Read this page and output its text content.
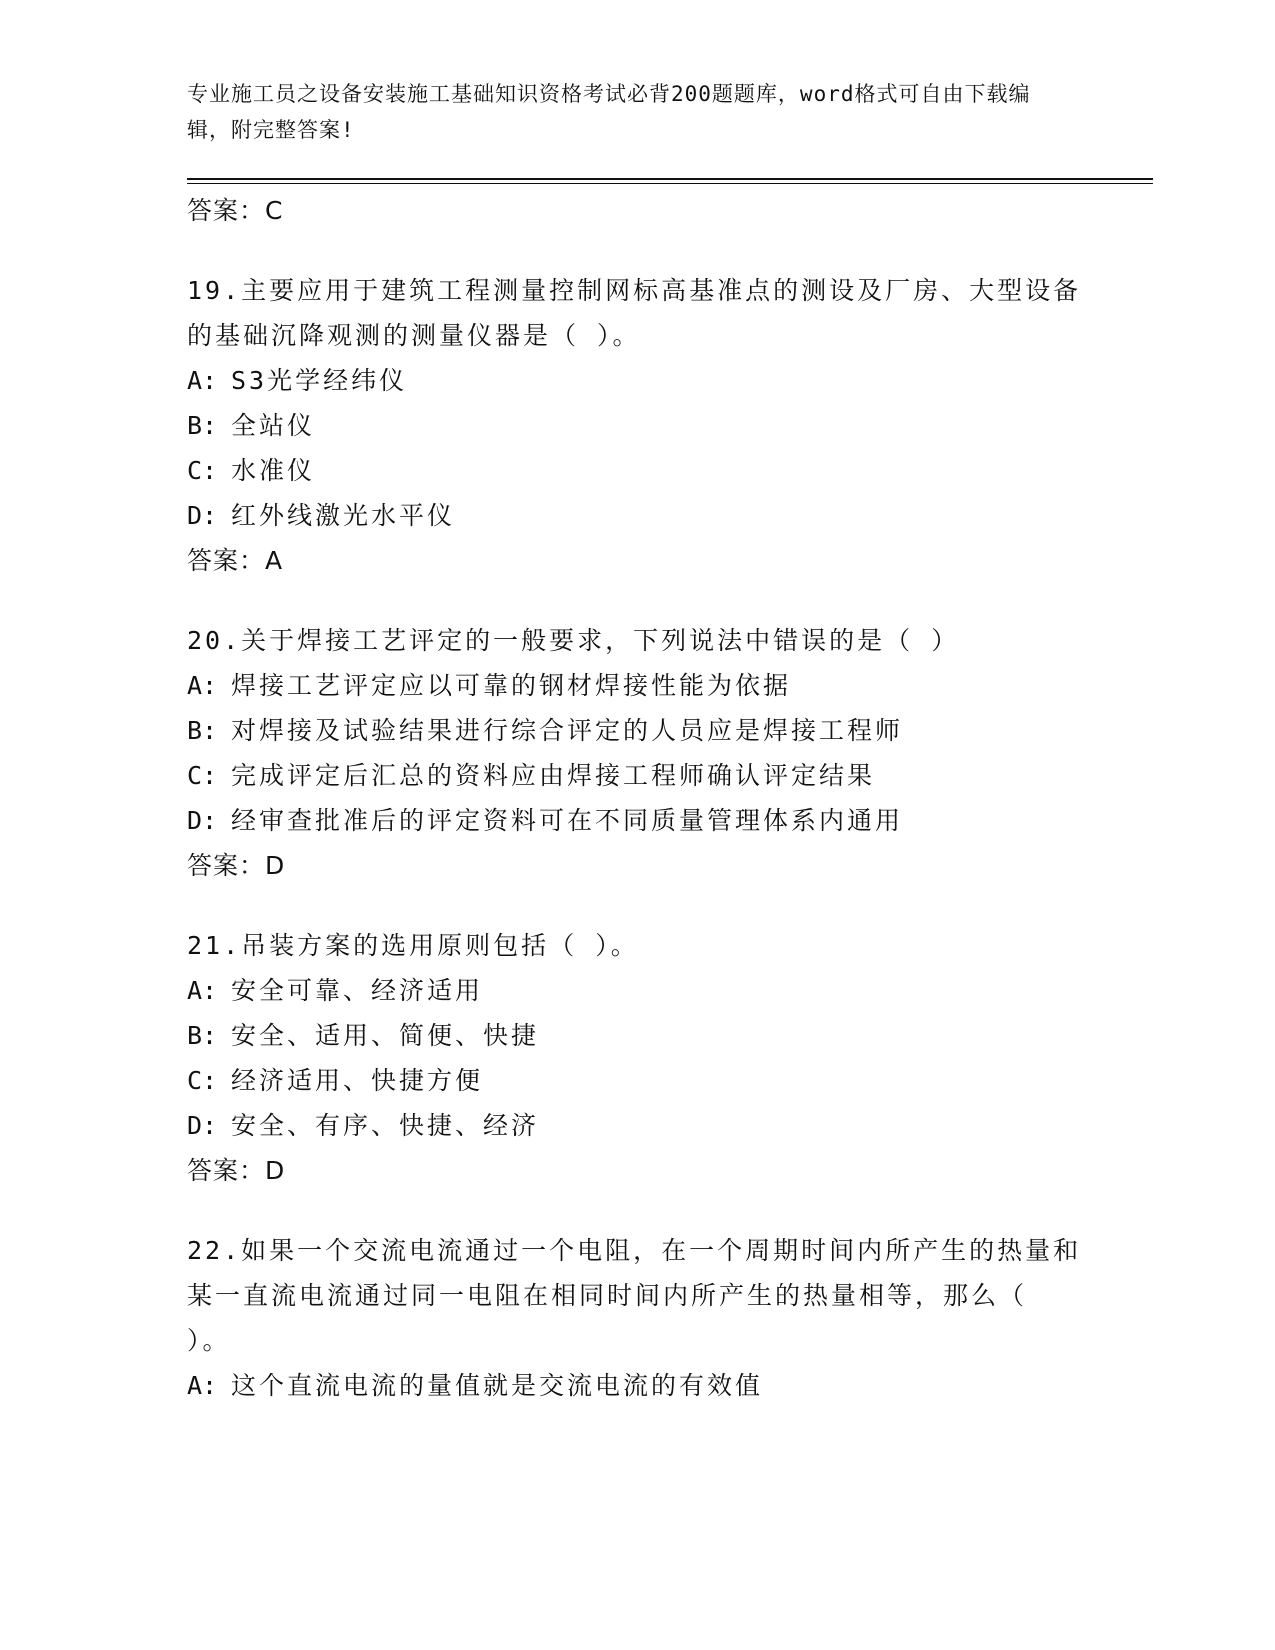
专业施工员之设备安装施工基础知识资格考试必背200题题库，word格式可自由下载编辑，附完整答案!
答案：C
19.主要应用于建筑工程测量控制网标高基准点的测设及厂房、大型设备的基础沉降观测的测量仪器是（ ）。
A: S3光学经纬仪
B: 全站仪
C: 水准仪
D: 红外线激光水平仪
答案：A
20.关于焊接工艺评定的一般要求，下列说法中错误的是（ ）
A: 焊接工艺评定应以可靠的钢材焊接性能为依据
B: 对焊接及试验结果进行综合评定的人员应是焊接工程师
C: 完成评定后汇总的资料应由焊接工程师确认评定结果
D: 经审查批准后的评定资料可在不同质量管理体系内通用
答案：D
21.吊装方案的选用原则包括（ ）。
A: 安全可靠、经济适用
B: 安全、适用、简便、快捷
C: 经济适用、快捷方便
D: 安全、有序、快捷、经济
答案：D
22.如果一个交流电流通过一个电阻，在一个周期时间内所产生的热量和某一直流电流通过同一电阻在相同时间内所产生的热量相等，那么（ ）。
A: 这个直流电流的量值就是交流电流的有效值
